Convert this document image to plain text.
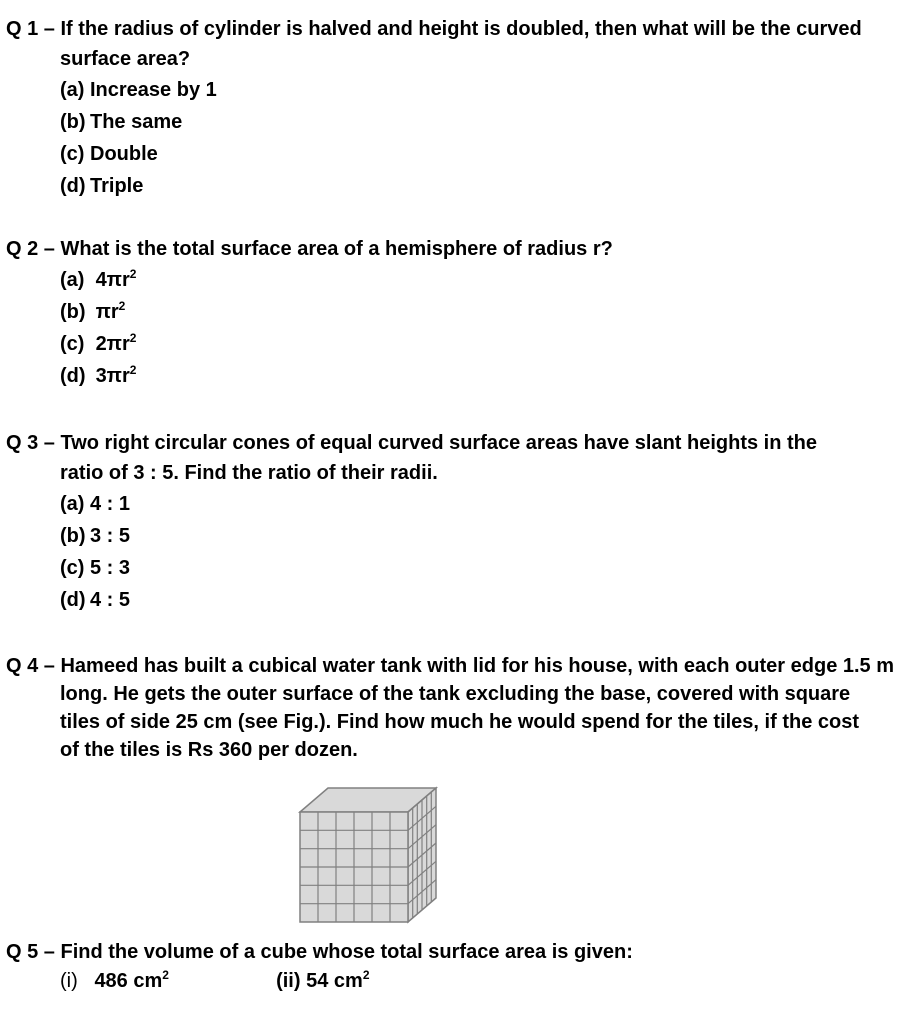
Q 1 – If the radius of cylinder is halved and height is doubled, then what will be the curved
surface area?
(a) Increase by 1
(b) The same
(c) Double
(d) Triple
Q 2 – What is the total surface area of a hemisphere of radius r?
(a) $4\pi r^2$
(b) $\pi r^2$
(c) $2\pi r^2$
(d) $3\pi r^2$
Q 3 – Two right circular cones of equal curved surface areas have slant heights in the
ratio of 3 : 5. Find the ratio of their radii.
(a) 4 : 1
(b) 3 : 5
(c) 5 : 3
(d) 4 : 5
Q 4 – Hameed has built a cubical water tank with lid for his house, with each outer edge 1.5 m
long. He gets the outer surface of the tank excluding the base, covered with square
tiles of side 25 cm (see Fig.). Find how much he would spend for the tiles, if the cost
of the tiles is Rs 360 per dozen.
Q 5 – Find the volume of a cube whose total surface area is given:
(i) 486 $cm^2$	(ii) 54 $cm^2$
